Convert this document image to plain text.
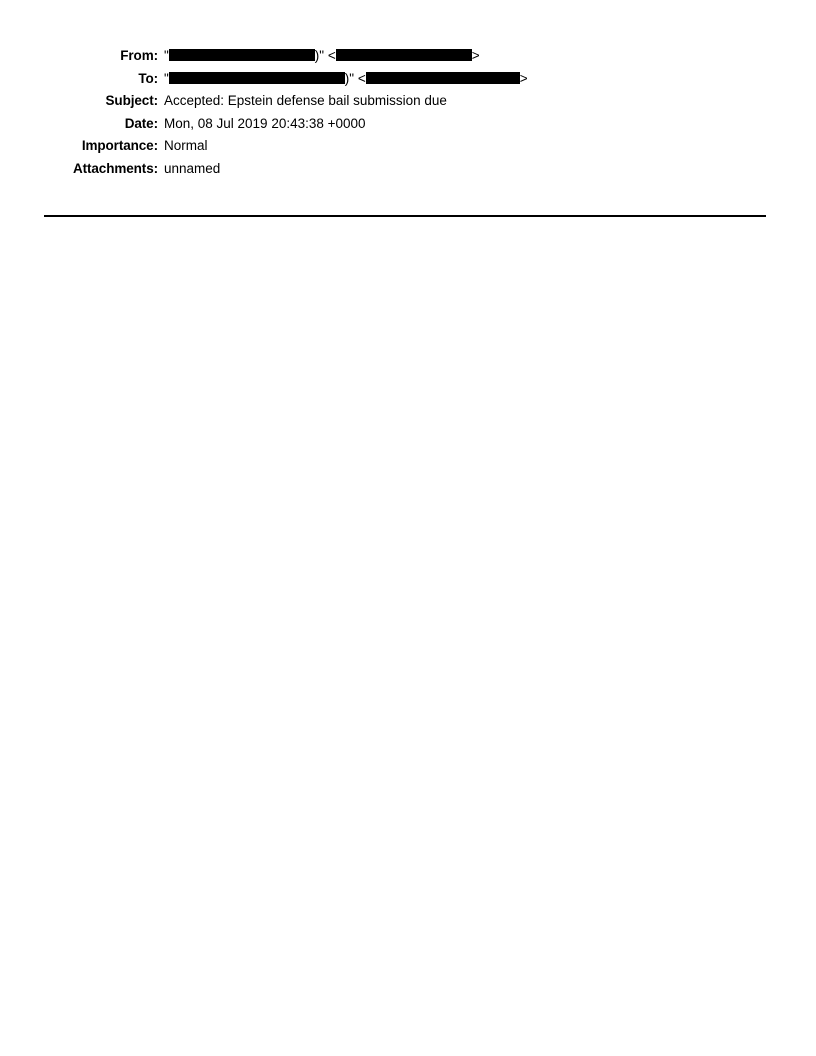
From: "	)" <	>
To: "	)" <	>
Subject: Accepted: Epstein defense bail submission due
Date: Mon, 08 Jul 2019 20:43:38 +0000
Importance: Normal
Attachments: unnamed
